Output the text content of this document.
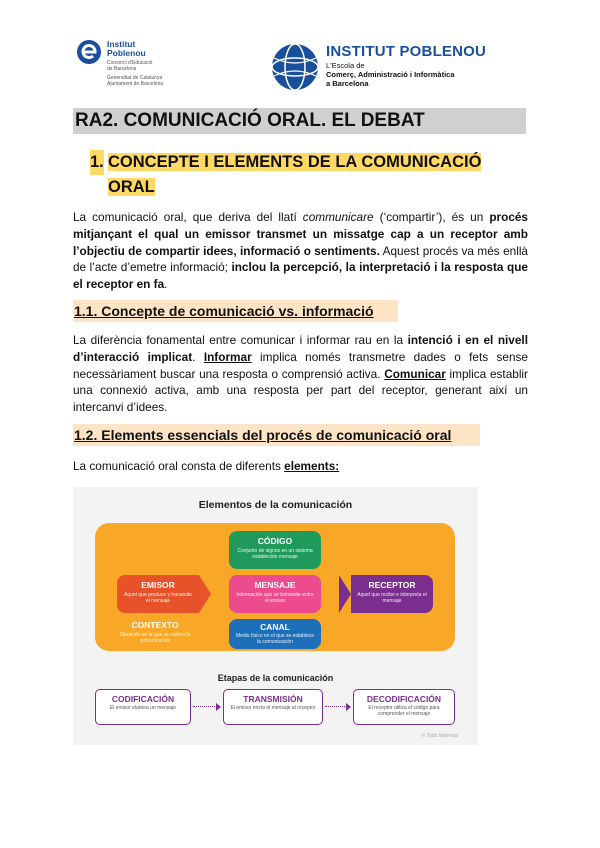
Institut
Poblenou
Consorci d'Educació
de Barcelona
Generalitat de Catalunya
Ajuntament de Barcelona
INSTITUT POBLENOU
L'Escola de
Comerç, Administració i Informàtica
a Barcelona
RA2. COMUNICACIÓ ORAL. EL DEBAT
1. CONCEPTE I ELEMENTS DE LA COMUNICACIÓ ORAL
La comunicació oral, que deriva del llatí communicare (‘compartir’), és un procés mitjançant el qual un emissor transmet un missatge cap a un receptor amb l’objectiu de compartir idees, informació o sentiments. Aquest procés va més enllà de l’acte d’emetre informació; inclou la percepció, la interpretació i la resposta que el receptor en fa.
1.1. Concepte de comunicació vs. informació
La diferència fonamental entre comunicar i informar rau en la intenció i en el nivell d’interacció implicat. Informar implica només transmetre dades o fets sense necessàriament buscar una resposta o comprensió activa. Comunicar implica establir una connexió activa, amb una resposta per part del receptor, generant així un intercanvi d’idees.
1.2. Elements essencials del procés de comunicació oral
La comunicació oral consta de diferents elements:
Elementos de la comunicación
CÓDIGO
Conjunto de signos en un sistema establecido mensaje
EMISOR
Aquel que produce y transmite el mensaje
MENSAJE
Información que se transmite entre el emisor
RECEPTOR
Aquel que recibe e interpreta el mensaje
CONTEXTO
Situación en la que se realiza la comunicación
CANAL
Medio físico en el que se establece la comunicación
Etapas de la comunicación
CODIFICACIÓN
El emisor elabora un mensaje
TRANSMISIÓN
El emisor envía el mensaje al receptor
DECODIFICACIÓN
El receptor utiliza el código para comprender el mensaje
© Todo Materias
